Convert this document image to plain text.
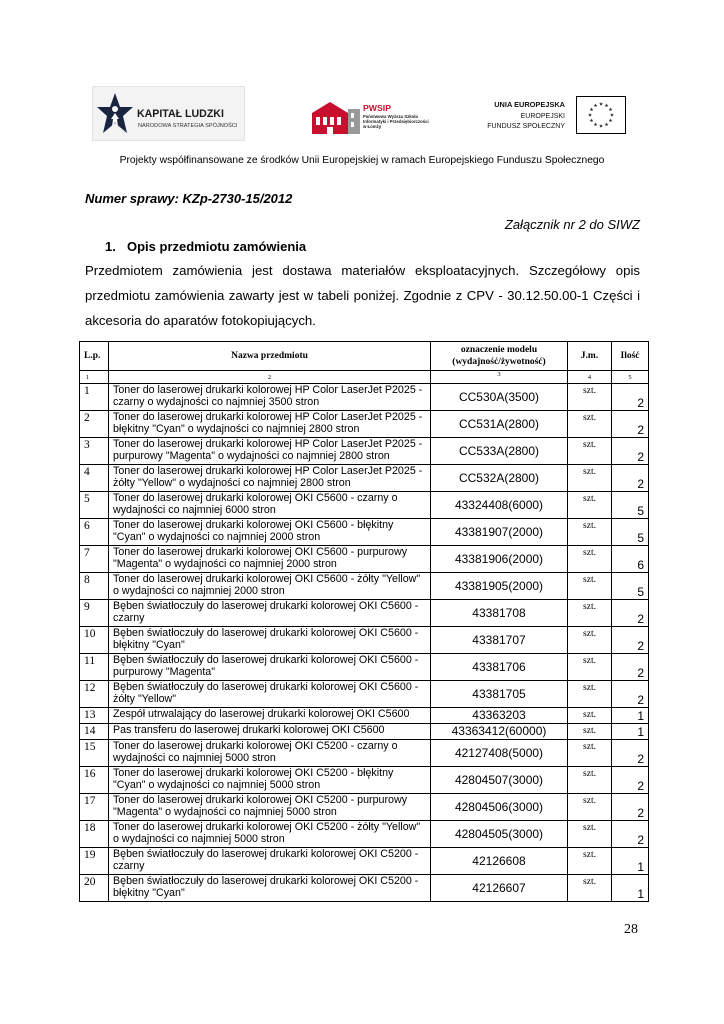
KAPITAŁ LUDZKI
NARODOWA STRATEGIA SPÓJNOŚCI
PWSIP
Państwowa Wyższa Szkoła
Informatyki i Przedsiębiorczości
w Łomży
UNIA EUROPEJSKA
EUROPEJSKI
FUNDUSZ SPOŁECZNY
Projekty współfinansowane ze środków Unii Europejskiej w ramach Europejskiego Funduszu Społecznego
Numer sprawy: KZp-2730-15/2012
Załącznik nr 2 do SIWZ
1. Opis przedmiotu zamówienia
Przedmiotem zamówienia jest dostawa materiałów eksploatacyjnych. Szczegółowy opis
przedmiotu zamówienia zawarty jest w tabeli poniżej. Zgodnie z CPV - 30.12.50.00-1 Części i
akcesoria do aparatów fotokopiujących.
L.p.	Nazwa przedmiotu	oznaczenie modelu
(wydajność/żywotność)	J.m.	Ilość
1	2	3	4	5
1	Toner do laserowej drukarki kolorowej HP Color LaserJet P2025 -
czarny o wydajności co najmniej 3500 stron	CC530A(3500)	szt.	2
2	Toner do laserowej drukarki kolorowej HP Color LaserJet P2025 -
błękitny "Cyan" o wydajności co najmniej 2800 stron	CC531A(2800)	szt.	2
3	Toner do laserowej drukarki kolorowej HP Color LaserJet P2025 -
purpurowy "Magenta" o wydajności co najmniej 2800 stron	CC533A(2800)	szt.	2
4	Toner do laserowej drukarki kolorowej HP Color LaserJet P2025 -
żółty "Yellow" o wydajności co najmniej 2800 stron	CC532A(2800)	szt.	2
5	Toner do laserowej drukarki kolorowej OKI C5600 - czarny o
wydajności co najmniej 6000 stron	43324408(6000)	szt.	5
6	Toner do laserowej drukarki kolorowej OKI C5600 - błękitny
"Cyan" o wydajności co najmniej 2000 stron	43381907(2000)	szt.	5
7	Toner do laserowej drukarki kolorowej OKI C5600 - purpurowy
"Magenta" o wydajności co najmniej 2000 stron	43381906(2000)	szt.	6
8	Toner do laserowej drukarki kolorowej OKI C5600 - żółty "Yellow"
o wydajności co najmniej 2000 stron	43381905(2000)	szt.	5
9	Bęben światłoczuły do laserowej drukarki kolorowej OKI C5600 -
czarny	43381708	szt.	2
10	Bęben światłoczuły do laserowej drukarki kolorowej OKI C5600 -
błękitny "Cyan"	43381707	szt.	2
11	Bęben światłoczuły do laserowej drukarki kolorowej OKI C5600 -
purpurowy "Magenta"	43381706	szt.	2
12	Bęben światłoczuły do laserowej drukarki kolorowej OKI C5600 -
żółty "Yellow"	43381705	szt.	2
13	Zespół utrwalający do laserowej drukarki kolorowej OKI C5600	43363203	szt.	1
14	Pas transferu do laserowej drukarki kolorowej OKI C5600	43363412(60000)	szt.	1
15	Toner do laserowej drukarki kolorowej OKI C5200 - czarny o
wydajności co najmniej 5000 stron	42127408(5000)	szt.	2
16	Toner do laserowej drukarki kolorowej OKI C5200 - błękitny
"Cyan" o wydajności co najmniej 5000 stron	42804507(3000)	szt.	2
17	Toner do laserowej drukarki kolorowej OKI C5200 - purpurowy
"Magenta" o wydajności co najmniej 5000 stron	42804506(3000)	szt.	2
18	Toner do laserowej drukarki kolorowej OKI C5200 - żółty "Yellow"
o wydajności co najmniej 5000 stron	42804505(3000)	szt.	2
19	Bęben światłoczuły do laserowej drukarki kolorowej OKI C5200 -
czarny	42126608	szt.	1
20	Bęben światłoczuły do laserowej drukarki kolorowej OKI C5200 -
błękitny "Cyan"	42126607	szt.	1
28
